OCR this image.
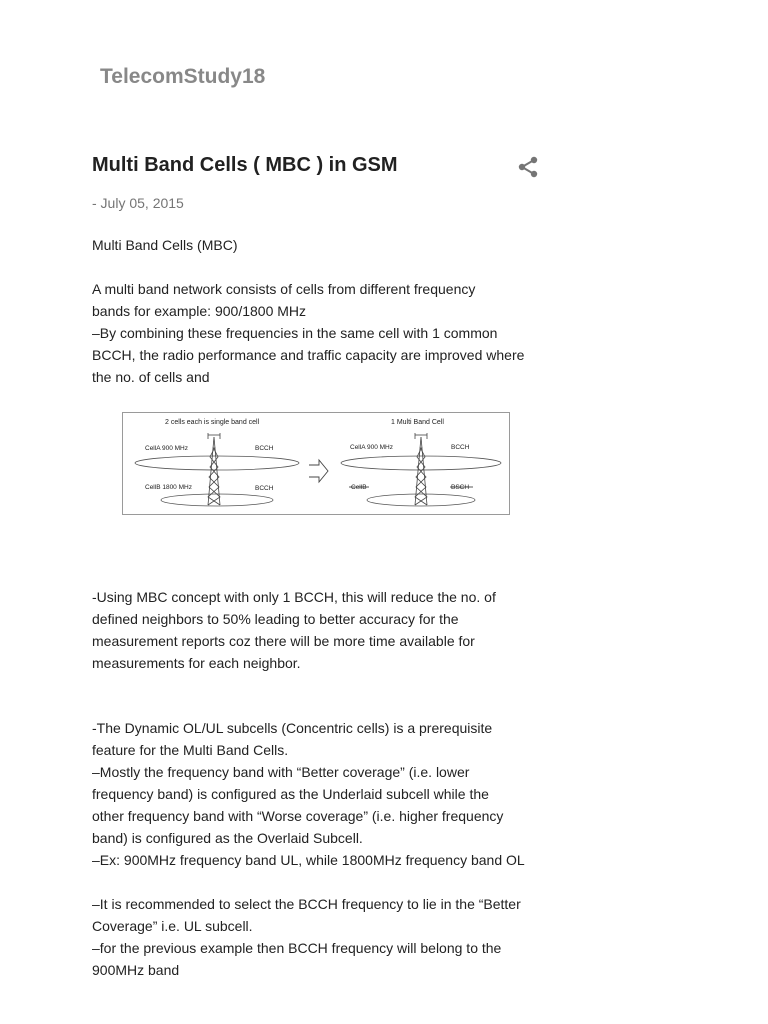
TelecomStudy18
Multi Band Cells ( MBC ) in GSM
- July 05, 2015

Multi Band Cells (MBC)

A multi band network consists of cells from different frequency

bands for example: 900/1800 MHz

–By combining these frequencies in the same cell with 1 common

BCCH, the radio performance and traffic capacity are improved where

the no. of cells and

2 cells each is single band cell	1 Multi Band Cell
CellA 900 MHz	BCCH
CellB 1800 MHz	BCCH
CellA 900 MHz	BCCH
CellB	BSCH

-Using MBC concept with only 1 BCCH, this will reduce the no. of

defined neighbors to 50% leading to better accuracy for the

measurement reports coz there will be more time available for

measurements for each neighbor.

-The Dynamic OL/UL subcells (Concentric cells) is a prerequisite

feature for the Multi Band Cells.

–Mostly the frequency band with “Better coverage” (i.e. lower

frequency band) is configured as the Underlaid subcell while the

other frequency band with “Worse coverage” (i.e. higher frequency

band) is configured as the Overlaid Subcell.

–Ex: 900MHz frequency band UL, while 1800MHz frequency band OL

–It is recommended to select the BCCH frequency to lie in the “Better

Coverage” i.e. UL subcell.

–for the previous example then BCCH frequency will belong to the

900MHz band
